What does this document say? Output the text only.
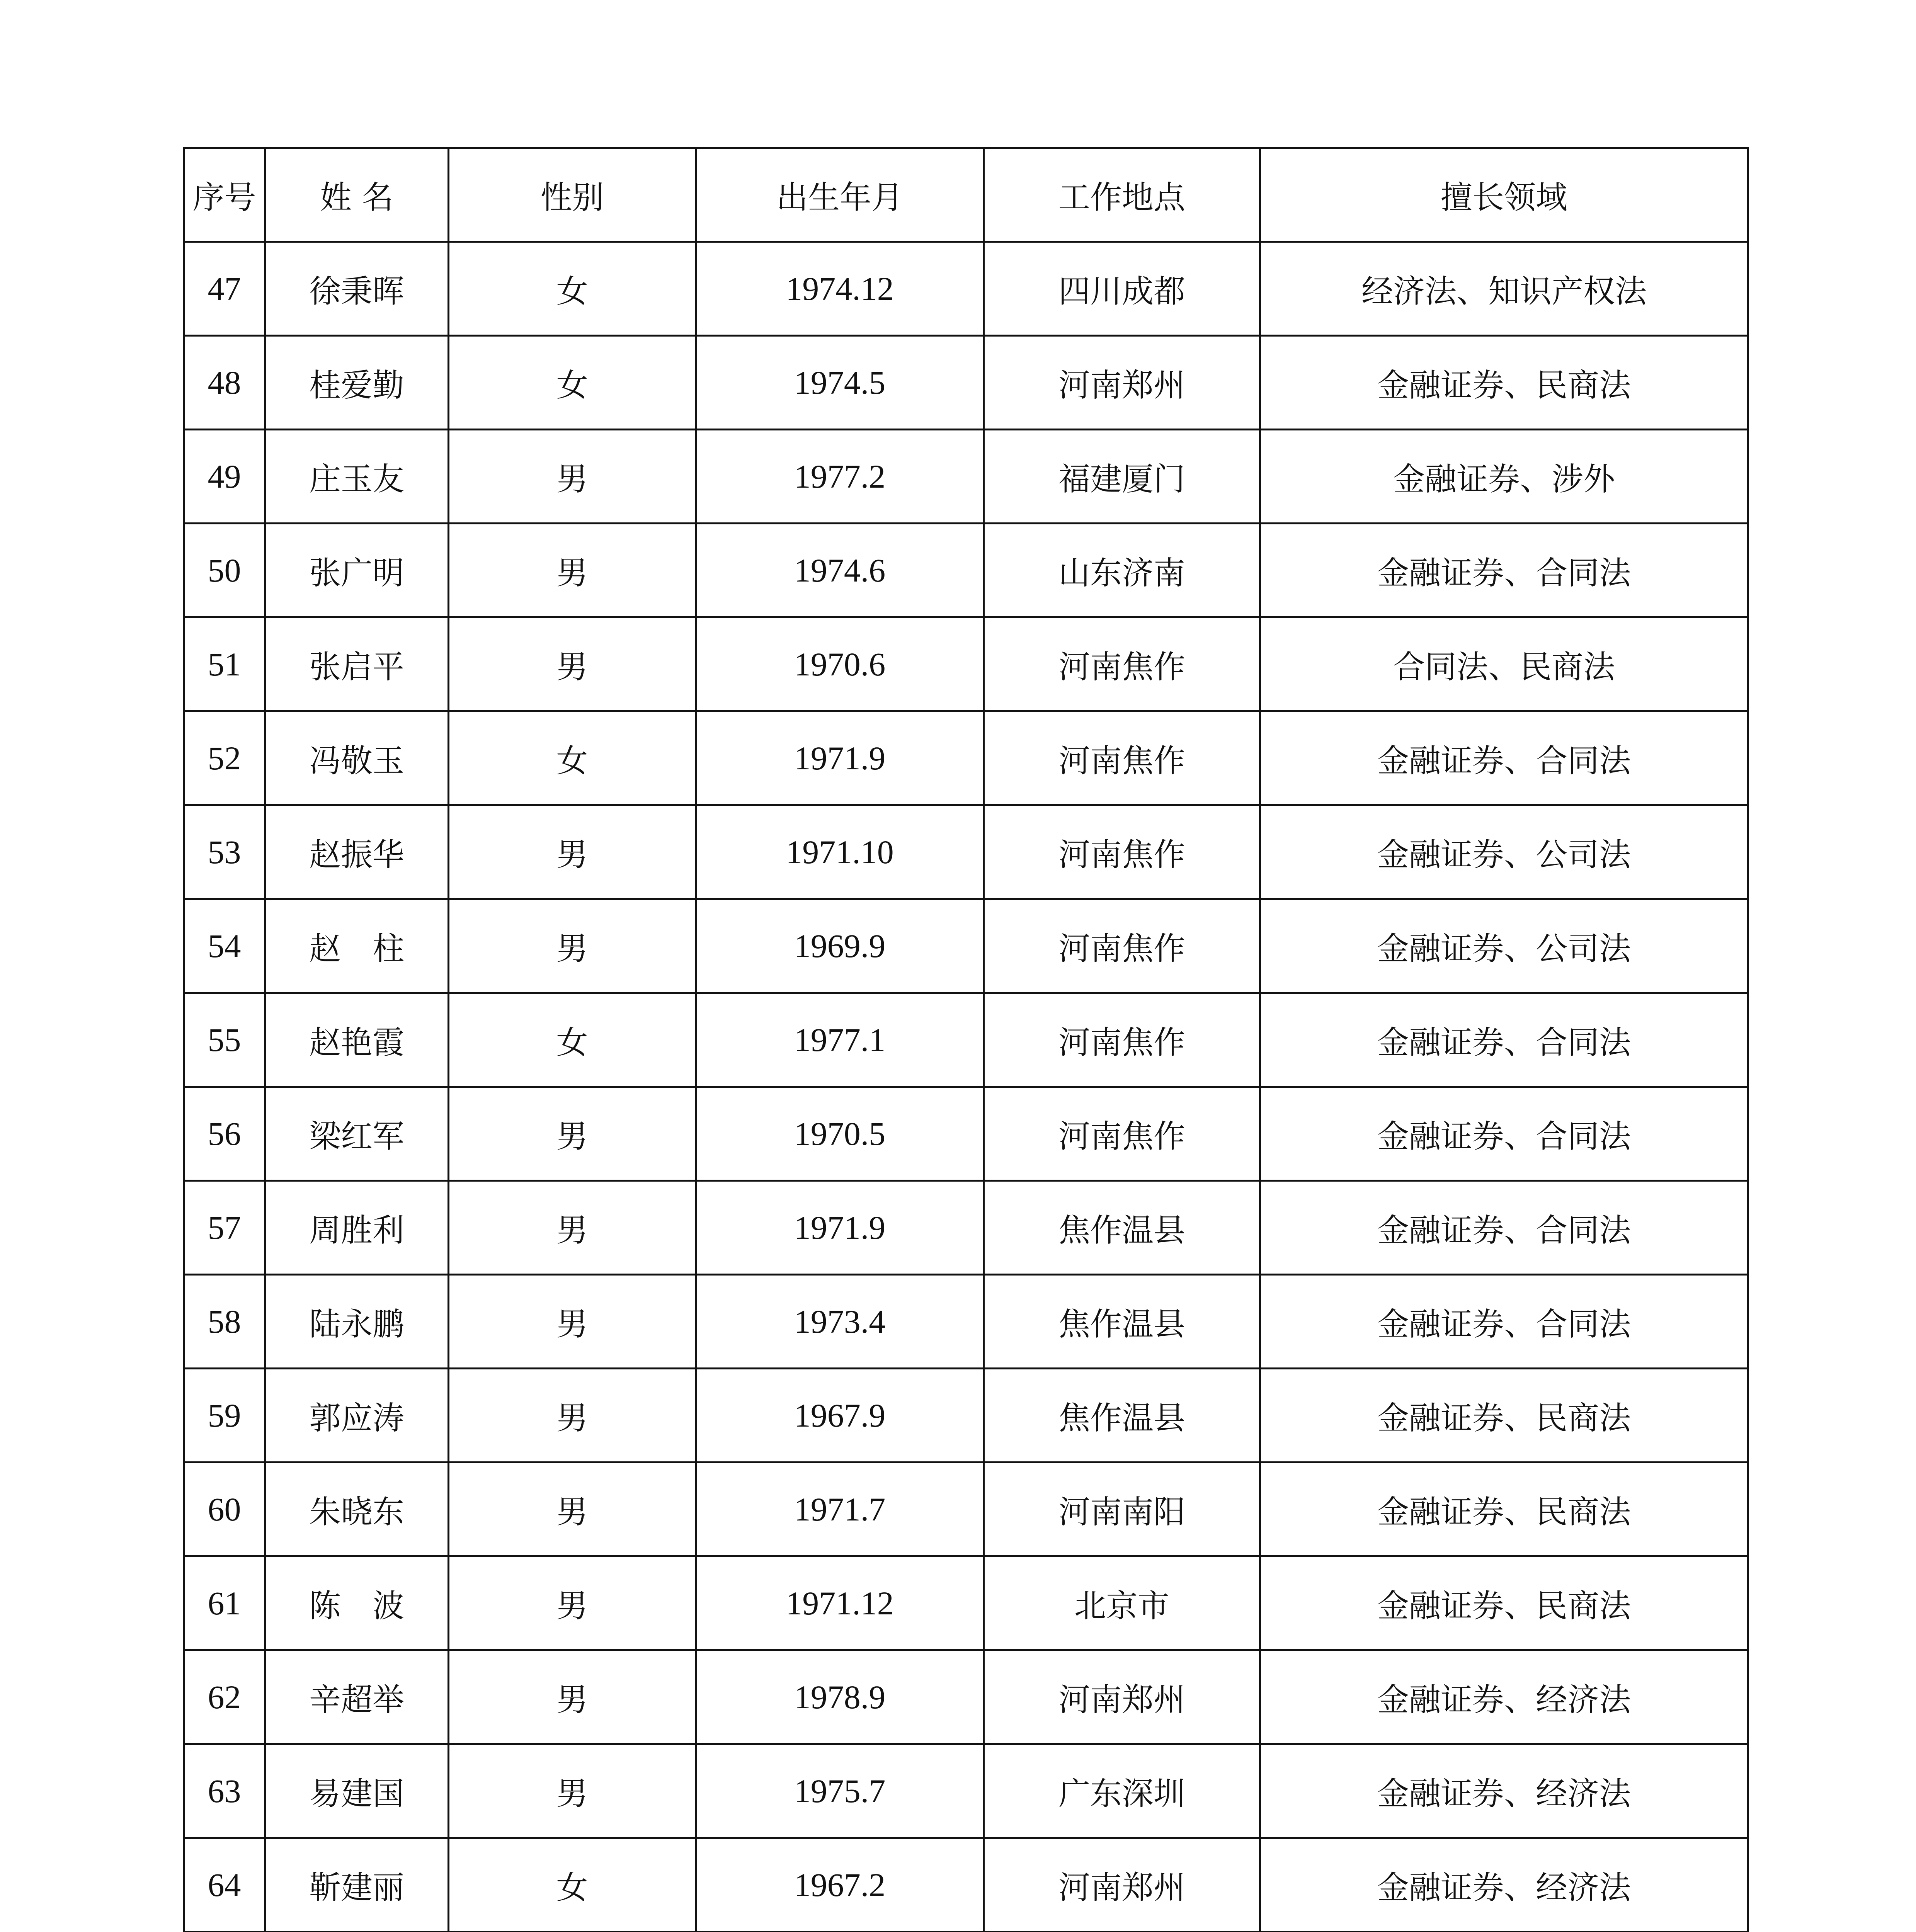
序号	姓 名	性别	出生年月	工作地点	擅长领域
47	徐秉晖	女	1974.12	四川成都	经济法、知识产权法
48	桂爱勤	女	1974.5	河南郑州	金融证券、民商法
49	庄玉友	男	1977.2	福建厦门	金融证券、涉外
50	张广明	男	1974.6	山东济南	金融证券、合同法
51	张启平	男	1970.6	河南焦作	合同法、民商法
52	冯敬玉	女	1971.9	河南焦作	金融证券、合同法
53	赵振华	男	1971.10	河南焦作	金融证券、公司法
54	赵　柱	男	1969.9	河南焦作	金融证券、公司法
55	赵艳霞	女	1977.1	河南焦作	金融证券、合同法
56	梁红军	男	1970.5	河南焦作	金融证券、合同法
57	周胜利	男	1971.9	焦作温县	金融证券、合同法
58	陆永鹏	男	1973.4	焦作温县	金融证券、合同法
59	郭应涛	男	1967.9	焦作温县	金融证券、民商法
60	朱晓东	男	1971.7	河南南阳	金融证券、民商法
61	陈　波	男	1971.12	北京市	金融证券、民商法
62	辛超举	男	1978.9	河南郑州	金融证券、经济法
63	易建国	男	1975.7	广东深圳	金融证券、经济法
64	靳建丽	女	1967.2	河南郑州	金融证券、经济法
